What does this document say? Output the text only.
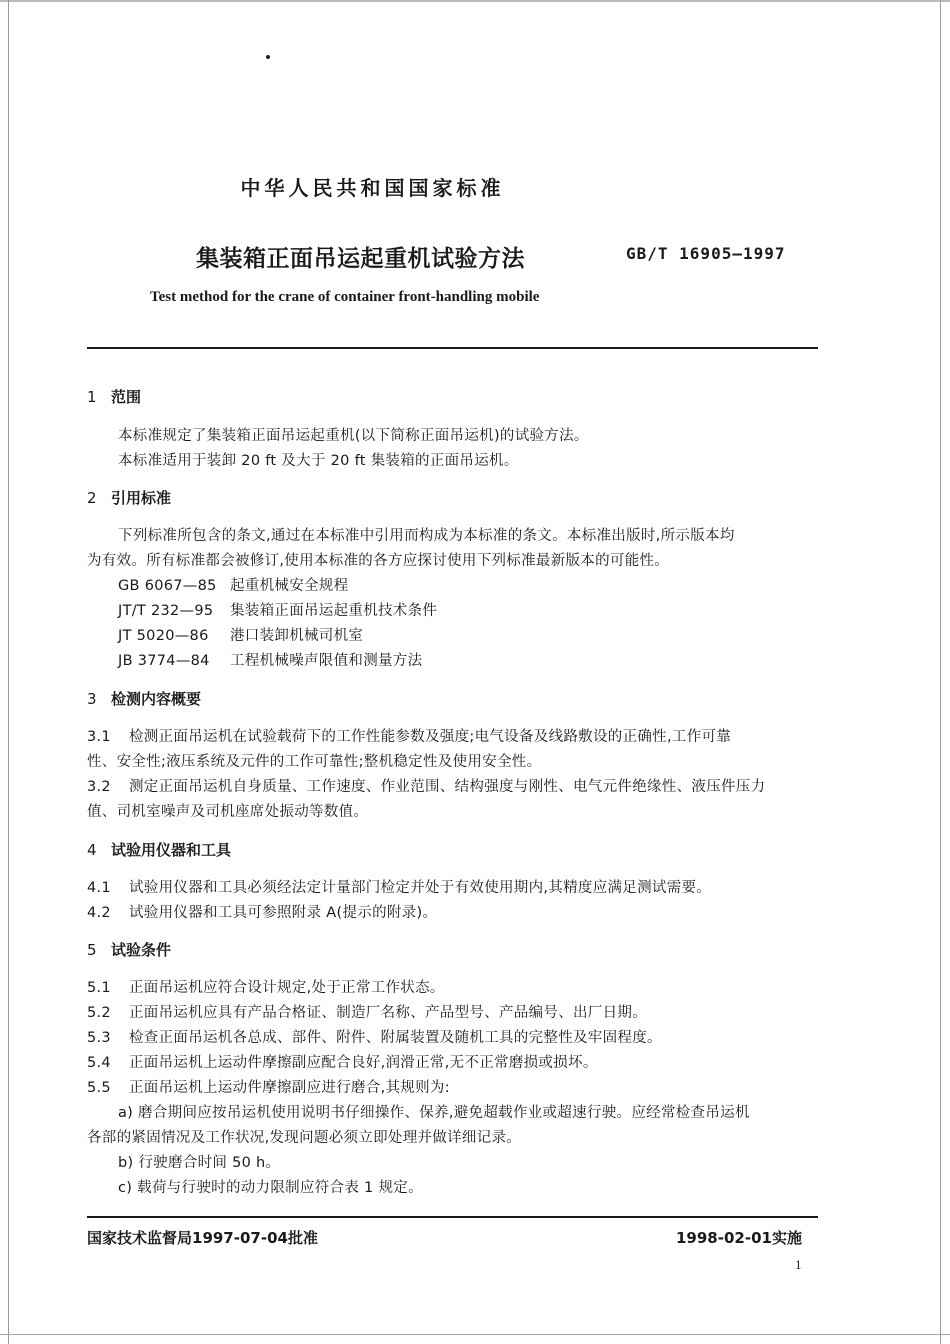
中华人民共和国国家标准
集装箱正面吊运起重机试验方法	GB/T 16905—1997
Test method for the crane of container front-handling mobile
1 范围
本标准规定了集装箱正面吊运起重机(以下简称正面吊运机)的试验方法。
本标准适用于装卸 20 ft 及大于 20 ft 集装箱的正面吊运机。
2 引用标准
下列标准所包含的条文,通过在本标准中引用而构成为本标准的条文。本标准出版时,所示版本均
为有效。所有标准都会被修订,使用本标准的各方应探讨使用下列标准最新版本的可能性。
GB 6067—85 起重机械安全规程
JT/T 232—95 集装箱正面吊运起重机技术条件
JT 5020—86 港口装卸机械司机室
JB 3774—84 工程机械噪声限值和测量方法
3 检测内容概要
3.1 检测正面吊运机在试验载荷下的工作性能参数及强度;电气设备及线路敷设的正确性,工作可靠
性、安全性;液压系统及元件的工作可靠性;整机稳定性及使用安全性。
3.2 测定正面吊运机自身质量、工作速度、作业范围、结构强度与刚性、电气元件绝缘性、液压件压力
值、司机室噪声及司机座席处振动等数值。
4 试验用仪器和工具
4.1 试验用仪器和工具必须经法定计量部门检定并处于有效使用期内,其精度应满足测试需要。
4.2 试验用仪器和工具可参照附录 A(提示的附录)。
5 试验条件
5.1 正面吊运机应符合设计规定,处于正常工作状态。
5.2 正面吊运机应具有产品合格证、制造厂名称、产品型号、产品编号、出厂日期。
5.3 检查正面吊运机各总成、部件、附件、附属装置及随机工具的完整性及牢固程度。
5.4 正面吊运机上运动件摩擦副应配合良好,润滑正常,无不正常磨损或损坏。
5.5 正面吊运机上运动件摩擦副应进行磨合,其规则为:
a) 磨合期间应按吊运机使用说明书仔细操作、保养,避免超载作业或超速行驶。应经常检查吊运机
各部的紧固情况及工作状况,发现问题必须立即处理并做详细记录。
b) 行驶磨合时间 50 h。
c) 载荷与行驶时的动力限制应符合表 1 规定。
国家技术监督局1997-07-04批准	1998-02-01实施
1
